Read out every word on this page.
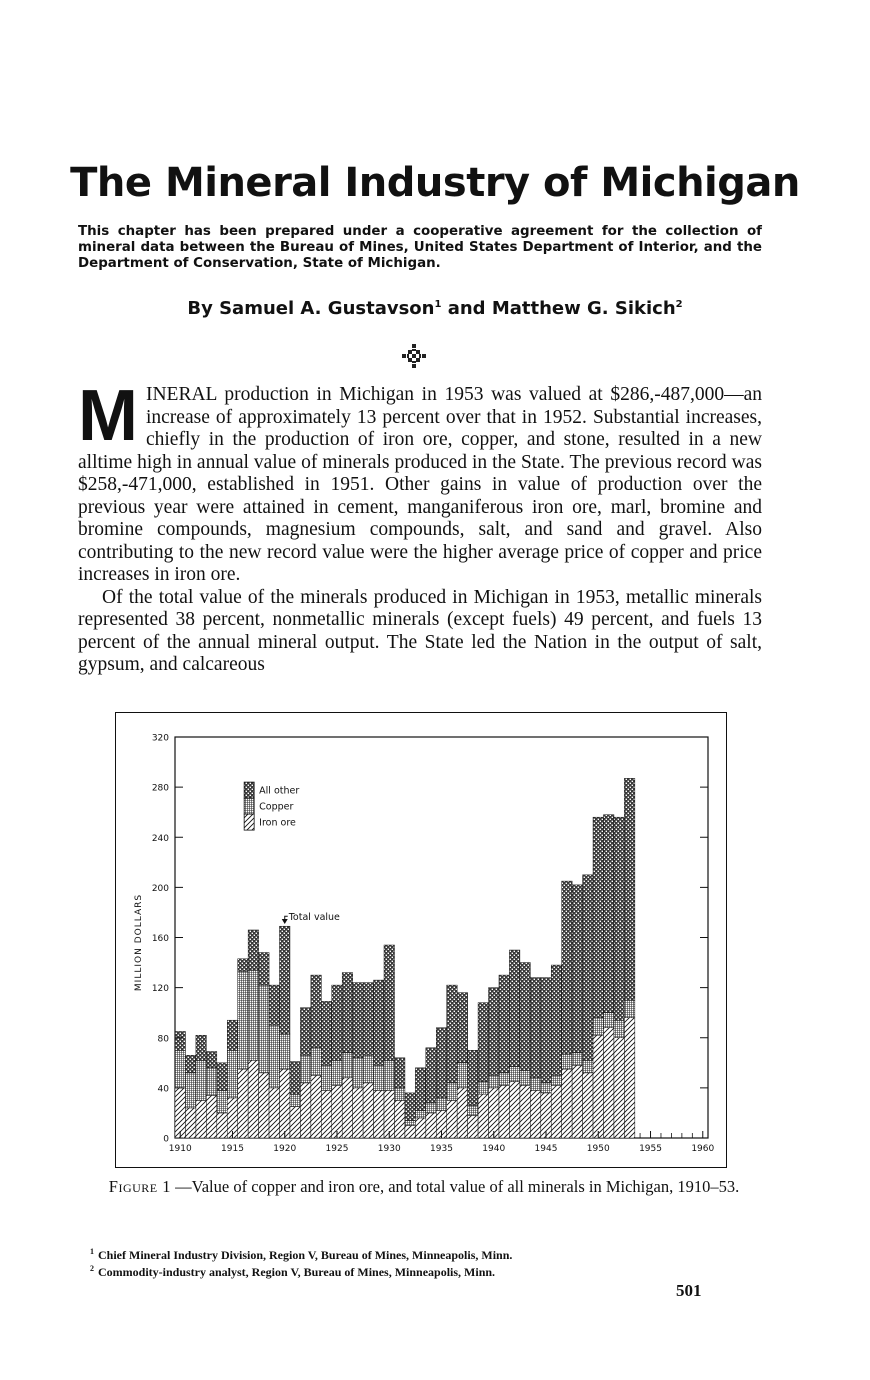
The Mineral Industry of Michigan
This chapter has been prepared under a cooperative agreement for the collection of mineral data between the Bureau of Mines, United States Department of Interior, and the Department of Conservation, State of Michigan.
By Samuel A. Gustavson$^1$ and Matthew G. Sikich$^2$

MINERAL production in Michigan in 1953 was valued at $286,-487,000—an increase of approximately 13 percent over that in 1952. Substantial increases, chiefly in the production of iron ore, copper, and stone, resulted in a new alltime high in annual value of minerals produced in the State. The previous record was $258,-471,000, established in 1951. Other gains in value of production over the previous year were attained in cement, manganiferous iron ore, marl, bromine and bromine compounds, magnesium compounds, salt, and sand and gravel. Also contributing to the new record value were the higher average price of copper and price increases in iron ore.

Of the total value of the minerals produced in Michigan in 1953, metallic minerals represented 38 percent, nonmetallic minerals (except fuels) 49 percent, and fuels 13 percent of the annual mineral output. The State led the Nation in the output of salt, gypsum, and calcareous

0
40
80
120
160
200
240
280
320
1910	1915	1920	1925	1930	1935	1940	1945	1950	1955	1960
MILLION DOLLARS
All other
Copper
Iron ore
Total value
Figure 1 —Value of copper and iron ore, and total value of all minerals in Michigan, 1910–53.
$^1$ Chief Mineral Industry Division, Region V, Bureau of Mines, Minneapolis, Minn.
$^2$ Commodity-industry analyst, Region V, Bureau of Mines, Minneapolis, Minn.
501
